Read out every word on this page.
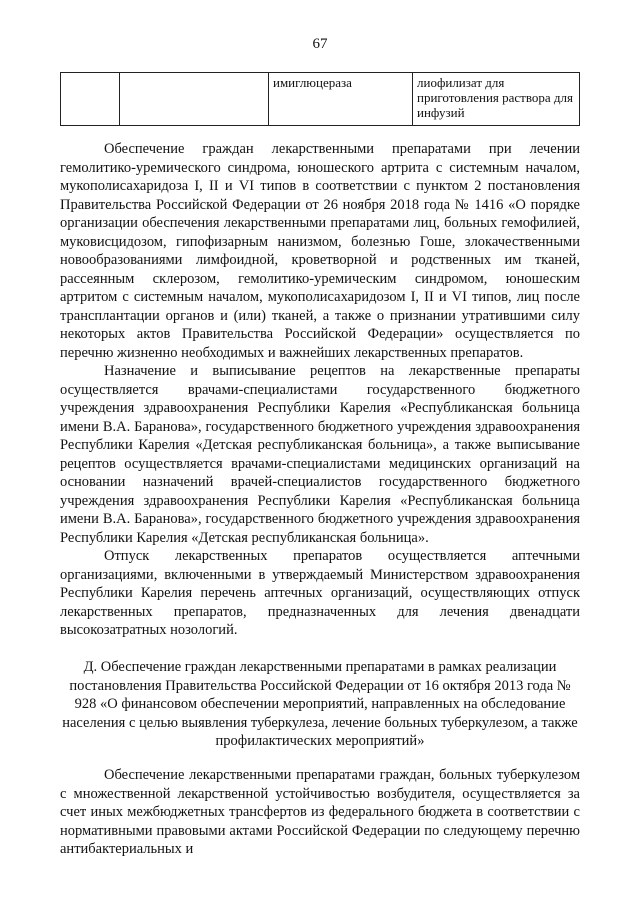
67
		имиглюцераза	лиофилизат для приготовления раствора для инфузий

Обеспечение граждан лекарственными препаратами при лечении гемолитико-уремического синдрома, юношеского артрита с системным началом, мукополисахаридоза I, II и VI типов в соответствии с пунктом 2 постановления Правительства Российской Федерации от 26 ноября 2018 года № 1416 «О порядке организации обеспечения лекарственными препаратами лиц, больных гемофилией, муковисцидозом, гипофизарным нанизмом, болезнью Гоше, злокачественными новообразованиями лимфоидной, кроветворной и родственных им тканей, рассеянным склерозом, гемолитико-уремическим синдромом, юношеским артритом с системным началом, мукополисахаридозом I, II и VI типов, лиц после трансплантации органов и (или) тканей, а также о признании утратившими силу некоторых актов Правительства Российской Федерации» осуществляется по перечню жизненно необходимых и важнейших лекарственных препаратов.

Назначение и выписывание рецептов на лекарственные препараты осуществляется врачами-специалистами государственного бюджетного учреждения здравоохранения Республики Карелия «Республиканская больница имени В.А. Баранова», государственного бюджетного учреждения здравоохранения Республики Карелия «Детская республиканская больница», а также выписывание рецептов осуществляется врачами-специалистами медицинских организаций на основании назначений врачей-специалистов государственного бюджетного учреждения здравоохранения Республики Карелия «Республиканская больница имени В.А. Баранова», государственного бюджетного учреждения здравоохранения Республики Карелия «Детская республиканская больница».

Отпуск лекарственных препаратов осуществляется аптечными организациями, включенными в утверждаемый Министерством здравоохранения Республики Карелия перечень аптечных организаций, осуществляющих отпуск лекарственных препаратов, предназначенных для лечения двенадцати высокозатратных нозологий.

Д. Обеспечение граждан лекарственными препаратами в рамках реализации постановления Правительства Российской Федерации от 16 октября 2013 года № 928 «О финансовом обеспечении мероприятий, направленных на обследование населения с целью выявления туберкулеза, лечение больных туберкулезом, а также профилактических мероприятий»

Обеспечение лекарственными препаратами граждан, больных туберкулезом с множественной лекарственной устойчивостью возбудителя, осуществляется за счет иных межбюджетных трансфертов из федерального бюджета в соответствии с нормативными правовыми актами Российской Федерации по следующему перечню антибактериальных и
